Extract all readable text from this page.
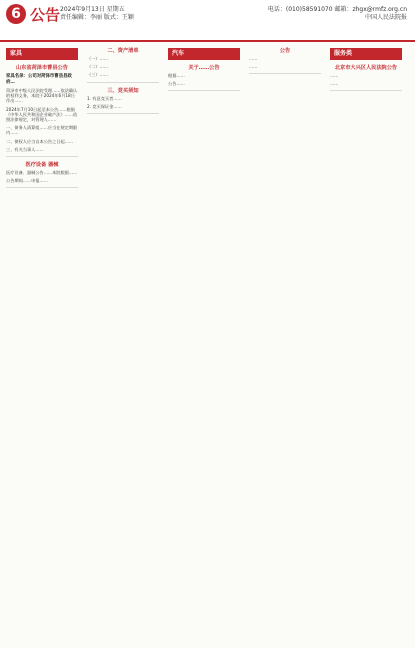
6 公告 2024年9月13日 星期五
责任编辑：李丽 版式：王颖
电话：(010)58591070 邮箱：zhgx@rmfz.org.cn
中国人民法院报
家具
山东省菏泽市曹县公告
家具名录：公司对菏泽市曹县县政府…

菏泽市中级人民法院受理……依法确认的权利义务，本院于2024年6月18日作出……

2024年7月10日起至本公告……根据《中华人民共和国企业破产法》……依照法律规定，对管理人……

一、债务人清算组……应当在规定期限内……

二、债权人应当自本公告之日起……

三、有关当事人……

医疗设备 器械

医疗设备、器械公告……本院根据……

公告期间……申报……

二、资产清单

（一）……

（二）……

（三）……

三、竞买须知

1. 有意竞买者……

2. 竞买保证金……

汽车
关于……公告

根据……

公告……

公告

……

……

服务类
北京市大兴区人民法院公告

……

……
